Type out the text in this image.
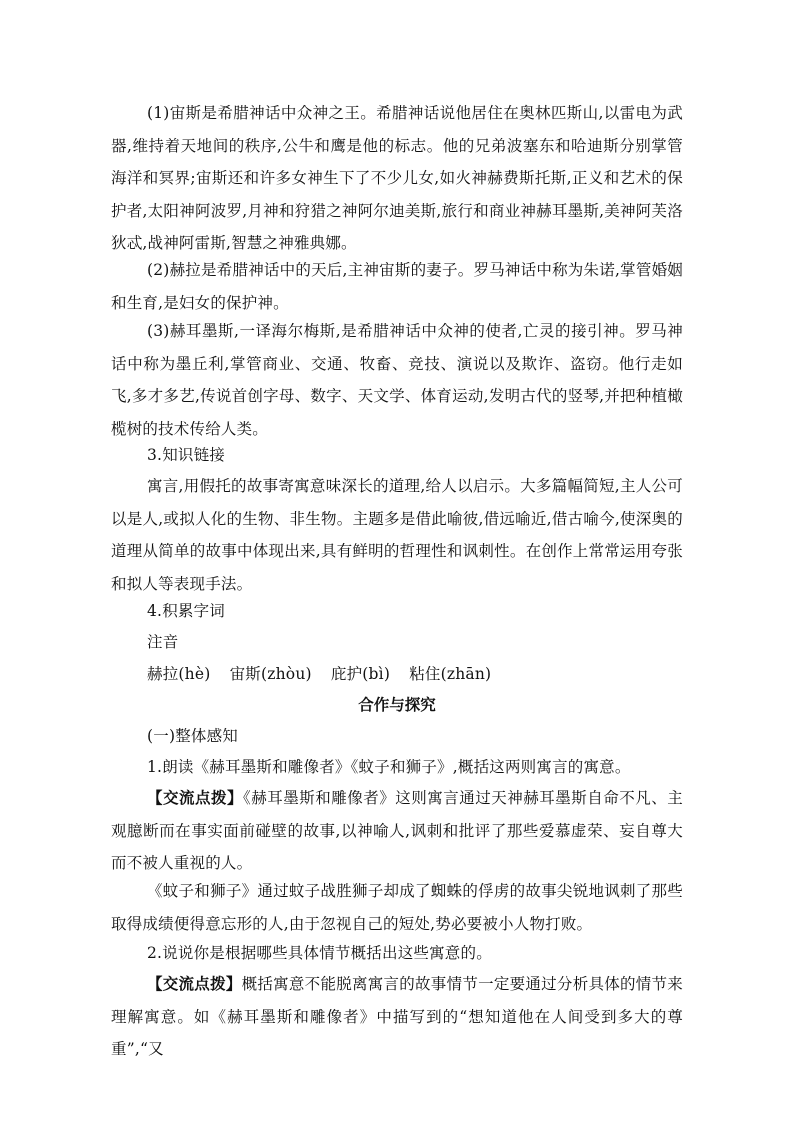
(1)宙斯是希腊神话中众神之王。希腊神话说他居住在奥林匹斯山,以雷电为武器,维持着天地间的秩序,公牛和鹰是他的标志。他的兄弟波塞东和哈迪斯分别掌管海洋和冥界;宙斯还和许多女神生下了不少儿女,如火神赫费斯托斯,正义和艺术的保护者,太阳神阿波罗,月神和狩猎之神阿尔迪美斯,旅行和商业神赫耳墨斯,美神阿芙洛狄忒,战神阿雷斯,智慧之神雅典娜。

(2)赫拉是希腊神话中的天后,主神宙斯的妻子。罗马神话中称为朱诺,掌管婚姻和生育,是妇女的保护神。

(3)赫耳墨斯,一译海尔梅斯,是希腊神话中众神的使者,亡灵的接引神。罗马神话中称为墨丘利,掌管商业、交通、牧畜、竞技、演说以及欺诈、盗窃。他行走如飞,多才多艺,传说首创字母、数字、天文学、体育运动,发明古代的竖琴,并把种植橄榄树的技术传给人类。

3.知识链接

寓言,用假托的故事寄寓意味深长的道理,给人以启示。大多篇幅简短,主人公可以是人,或拟人化的生物、非生物。主题多是借此喻彼,借远喻近,借古喻今,使深奥的道理从简单的故事中体现出来,具有鲜明的哲理性和讽刺性。在创作上常常运用夸张和拟人等表现手法。

4.积累字词

注音

赫拉(hè) 宙斯(zhòu) 庇护(bì) 粘住(zhān)

合作与探究

(一)整体感知

1.朗读《赫耳墨斯和雕像者》《蚊子和狮子》,概括这两则寓言的寓意。

【交流点拨】《赫耳墨斯和雕像者》这则寓言通过天神赫耳墨斯自命不凡、主观臆断而在事实面前碰壁的故事,以神喻人,讽刺和批评了那些爱慕虚荣、妄自尊大而不被人重视的人。

《蚊子和狮子》通过蚊子战胜狮子却成了蜘蛛的俘虏的故事尖锐地讽刺了那些取得成绩便得意忘形的人,由于忽视自己的短处,势必要被小人物打败。

2.说说你是根据哪些具体情节概括出这些寓意的。

【交流点拨】概括寓意不能脱离寓言的故事情节一定要通过分析具体的情节来理解寓意。如《赫耳墨斯和雕像者》中描写到的“想知道他在人间受到多大的尊重”,“又
